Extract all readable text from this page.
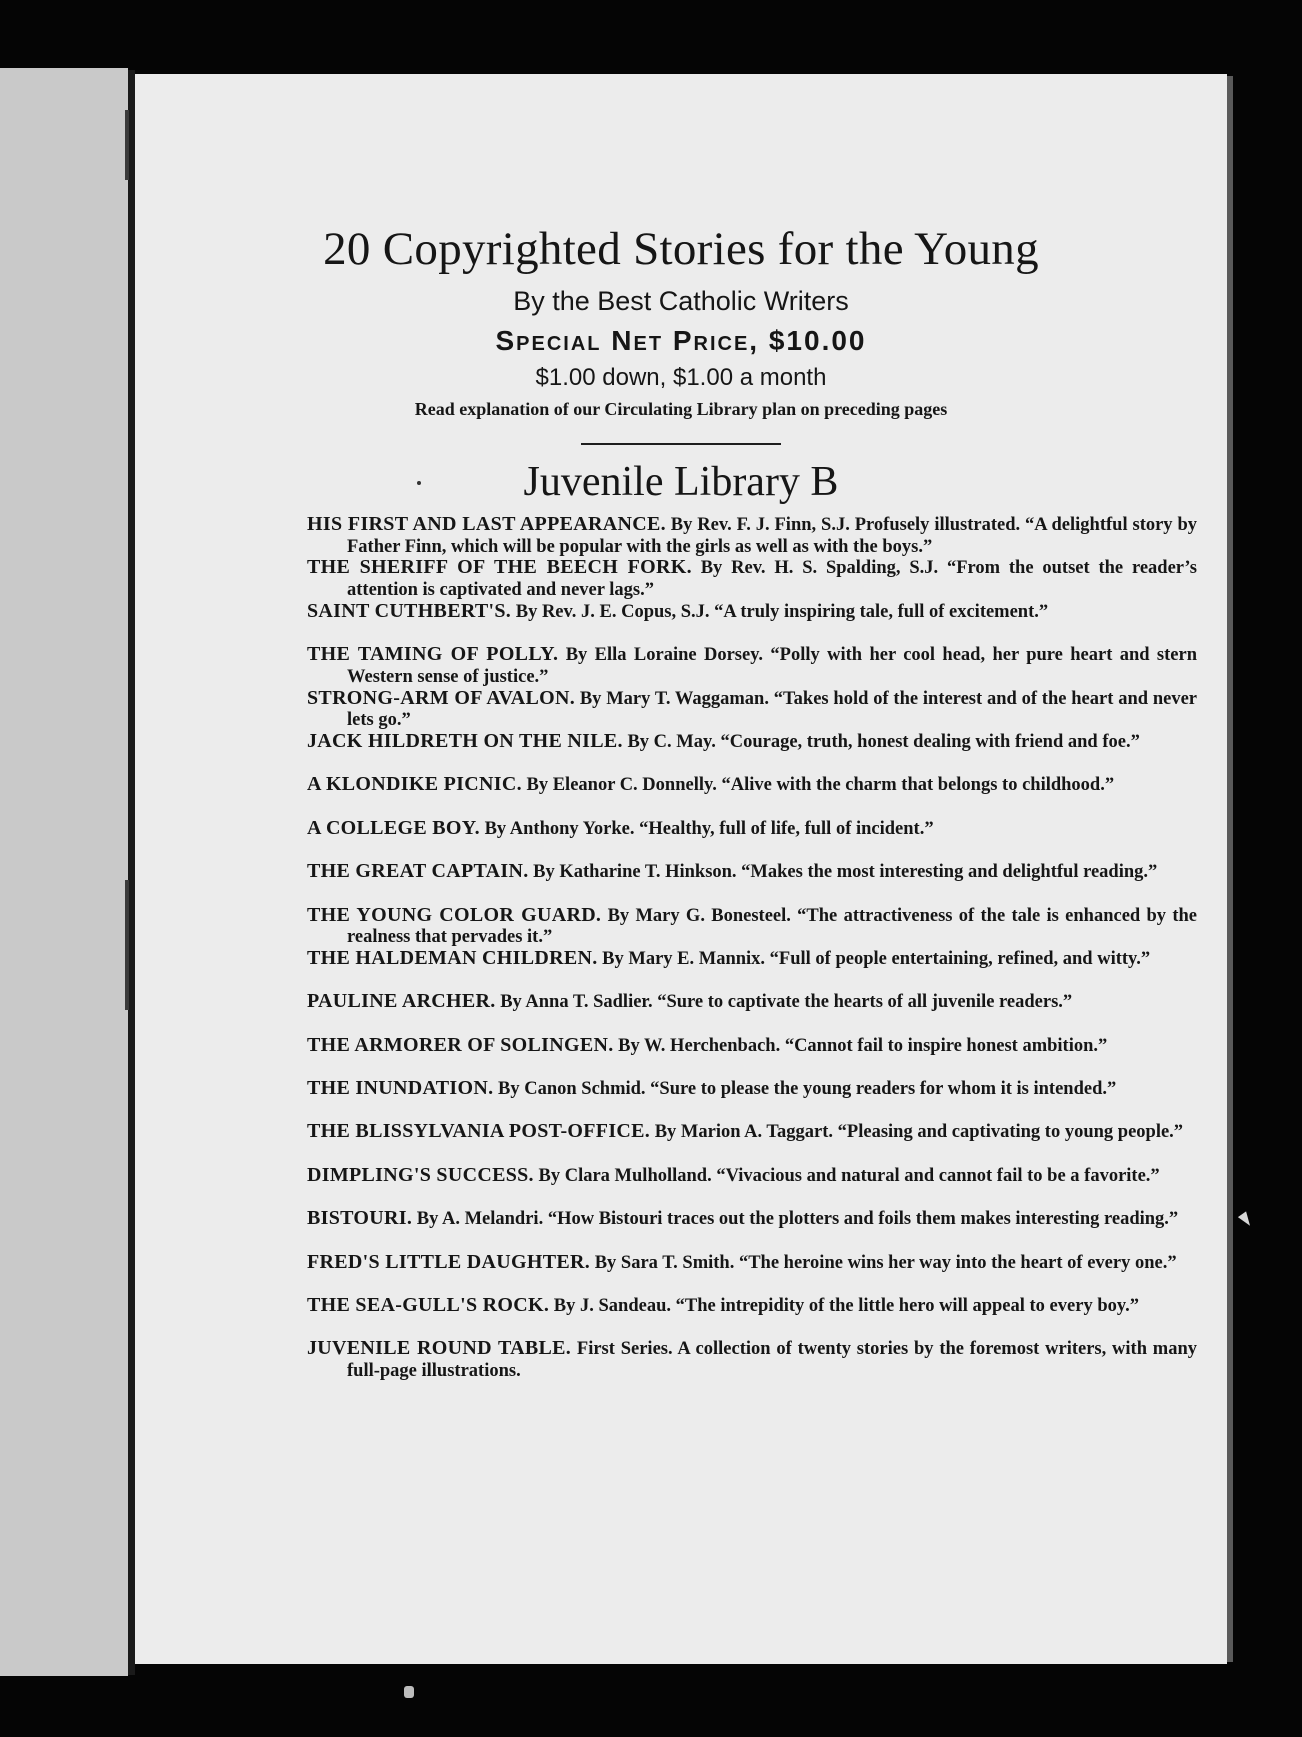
20 Copyrighted Stories for the Young
By the Best Catholic Writers
Special Net Price, $10.00
$1.00 down, $1.00 a month
Read explanation of our Circulating Library plan on preceding pages
Juvenile Library B
HIS FIRST AND LAST APPEARANCE. By Rev. F. J. Finn, S.J. Profusely illustrated. “A delightful story by Father Finn, which will be popular with the girls as well as with the boys.”
THE SHERIFF OF THE BEECH FORK. By Rev. H. S. Spalding, S.J. “From the outset the reader’s attention is captivated and never lags.”
SAINT CUTHBERT'S. By Rev. J. E. Copus, S.J. “A truly inspiring tale, full of excitement.”
THE TAMING OF POLLY. By Ella Loraine Dorsey. “Polly with her cool head, her pure heart and stern Western sense of justice.”
STRONG-ARM OF AVALON. By Mary T. Waggaman. “Takes hold of the interest and of the heart and never lets go.”
JACK HILDRETH ON THE NILE. By C. May. “Courage, truth, honest dealing with friend and foe.”
A KLONDIKE PICNIC. By Eleanor C. Donnelly. “Alive with the charm that belongs to childhood.”
A COLLEGE BOY. By Anthony Yorke. “Healthy, full of life, full of incident.”
THE GREAT CAPTAIN. By Katharine T. Hinkson. “Makes the most interesting and delightful reading.”
THE YOUNG COLOR GUARD. By Mary G. Bonesteel. “The attractiveness of the tale is enhanced by the realness that pervades it.”
THE HALDEMAN CHILDREN. By Mary E. Mannix. “Full of people entertaining, refined, and witty.”
PAULINE ARCHER. By Anna T. Sadlier. “Sure to captivate the hearts of all juvenile readers.”
THE ARMORER OF SOLINGEN. By W. Herchenbach. “Cannot fail to inspire honest ambition.”
THE INUNDATION. By Canon Schmid. “Sure to please the young readers for whom it is intended.”
THE BLISSYLVANIA POST-OFFICE. By Marion A. Taggart. “Pleasing and captivating to young people.”
DIMPLING'S SUCCESS. By Clara Mulholland. “Vivacious and natural and cannot fail to be a favorite.”
BISTOURI. By A. Melandri. “How Bistouri traces out the plotters and foils them makes interesting reading.”
FRED'S LITTLE DAUGHTER. By Sara T. Smith. “The heroine wins her way into the heart of every one.”
THE SEA-GULL'S ROCK. By J. Sandeau. “The intrepidity of the little hero will appeal to every boy.”
JUVENILE ROUND TABLE. First Series. A collection of twenty stories by the foremost writers, with many full-page illustrations.
